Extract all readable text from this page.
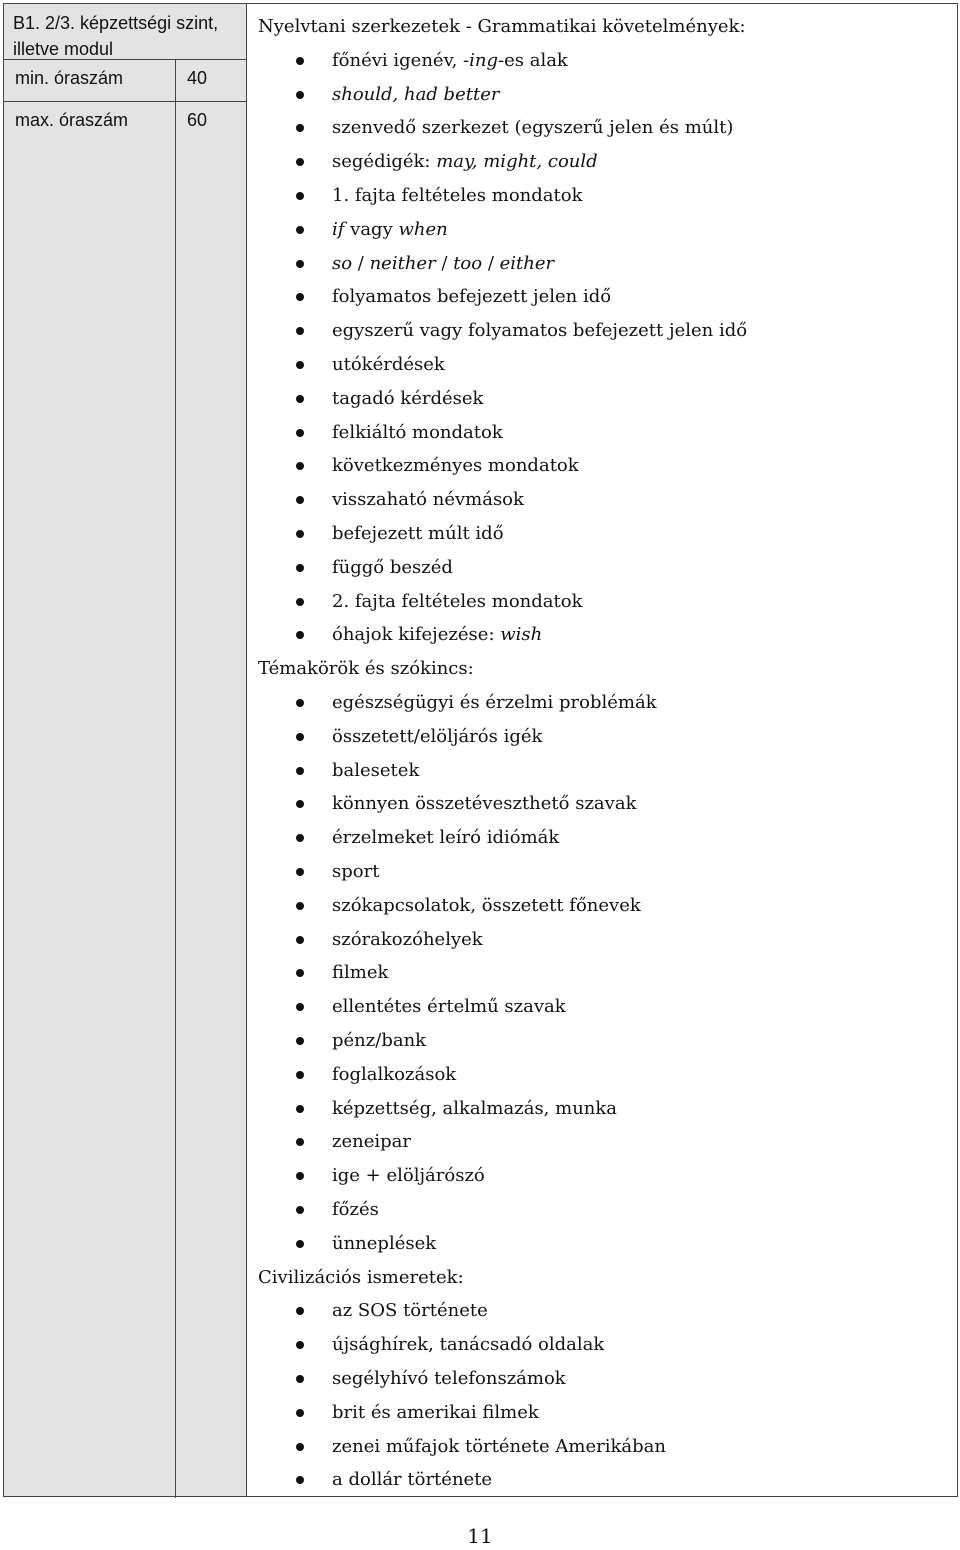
B1. 2/3. képzettségi szint, illetve modul
min. óraszám	40
max. óraszám	60
Nyelvtani szerkezetek - Grammatikai követelmények:
főnévi igenév, -ing-es alak
should, had better
szenvedő szerkezet (egyszerű jelen és múlt)
segédigék: may, might, could
1. fajta feltételes mondatok
if vagy when
so / neither / too / either
folyamatos befejezett jelen idő
egyszerű vagy folyamatos befejezett jelen idő
utókérdések
tagadó kérdések
felkiáltó mondatok
következményes mondatok
visszaható névmások
befejezett múlt idő
függő beszéd
2. fajta feltételes mondatok
óhajok kifejezése: wish
Témakörök és szókincs:
egészségügyi és érzelmi problémák
összetett/elöljárós igék
balesetek
könnyen összetéveszthető szavak
érzelmeket leíró idiómák
sport
szókapcsolatok, összetett főnevek
szórakozóhelyek
filmek
ellentétes értelmű szavak
pénz/bank
foglalkozások
képzettség, alkalmazás, munka
zeneipar
ige + elöljárószó
főzés
ünneplések
Civilizációs ismeretek:
az SOS története
újsághírek, tanácsadó oldalak
segélyhívó telefonszámok
brit és amerikai filmek
zenei műfajok története Amerikában
a dollár története
11
